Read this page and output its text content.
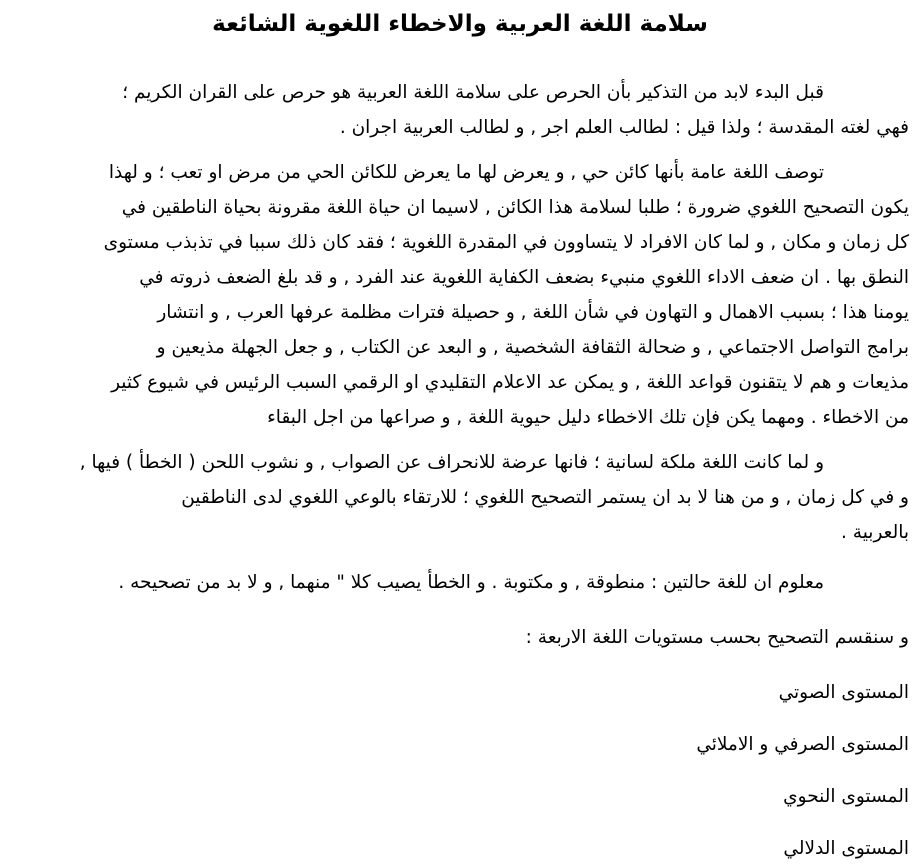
سلامة اللغة العربية والاخطاء اللغوية الشائعة

قبل البدء لابد من التذكير بأن الحرص على سلامة اللغة العربية هو حرص على القران الكريم ؛

فهي لغته المقدسة ؛ ولذا قيل : لطالب العلم اجر , و لطالب العربية اجران .

توصف اللغة عامة بأنها كائن حي , و يعرض لها ما يعرض للكائن الحي من مرض او تعب ؛ و لهذا

يكون التصحيح اللغوي ضرورة ؛ طلبا لسلامة هذا الكائن , لاسيما ان حياة اللغة مقرونة بحياة الناطقين في

كل زمان و مكان , و لما كان الافراد لا يتساوون في المقدرة اللغوية ؛ فقد كان ذلك سببا في تذبذب مستوى

النطق بها . ان ضعف الاداء اللغوي منبيء بضعف الكفاية اللغوية عند الفرد , و قد بلغ الضعف ذروته في

يومنا هذا ؛ بسبب الاهمال و التهاون في شأن اللغة , و حصيلة فترات مظلمة عرفها العرب , و انتشار

برامج التواصل الاجتماعي , و ضحالة الثقافة الشخصية , و البعد عن الكتاب , و جعل الجهلة مذيعين و

مذيعات و هم لا يتقنون قواعد اللغة , و يمكن عد الاعلام التقليدي او الرقمي السبب الرئيس في شيوع كثير

من الاخطاء . ومهما يكن فإن تلك الاخطاء دليل حيوية اللغة , و صراعها من اجل البقاء

و لما كانت اللغة ملكة لسانية ؛ فانها عرضة للانحراف عن الصواب , و نشوب اللحن ( الخطأ ) فيها ,

و في كل زمان , و من هنا لا بد ان يستمر التصحيح اللغوي ؛ للارتقاء بالوعي اللغوي لدى الناطقين

بالعربية .

معلوم ان للغة حالتين : منطوقة , و مكتوبة . و الخطأ يصيب كلا " منهما , و لا بد من تصحيحه .

و سنقسم التصحيح بحسب مستويات اللغة الاربعة :

المستوى الصوتي

المستوى الصرفي و الاملائي

المستوى النحوي

المستوى الدلالي
